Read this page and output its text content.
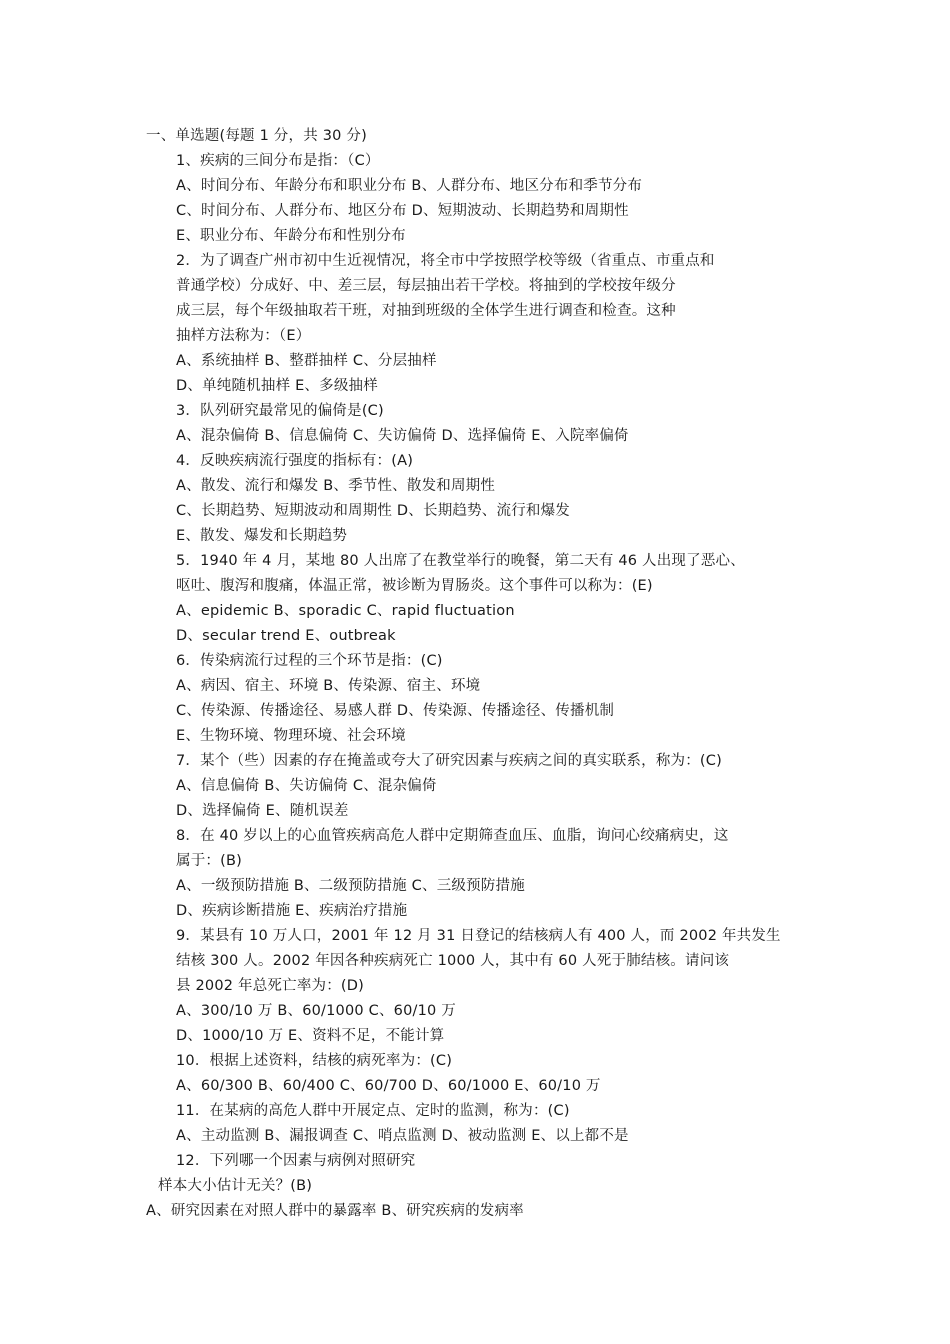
一、单选题(每题 1 分，共 30 分)
1、疾病的三间分布是指：（C）
A、时间分布、年龄分布和职业分布 B、人群分布、地区分布和季节分布
C、时间分布、人群分布、地区分布 D、短期波动、长期趋势和周期性
E、职业分布、年龄分布和性别分布
2．为了调查广州市初中生近视情况，将全市中学按照学校等级（省重点、市重点和
普通学校）分成好、中、差三层，每层抽出若干学校。将抽到的学校按年级分
成三层，每个年级抽取若干班，对抽到班级的全体学生进行调查和检查。这种
抽样方法称为：（E）
A、系统抽样 B、整群抽样 C、分层抽样
D、单纯随机抽样 E、多级抽样
3．队列研究最常见的偏倚是(C)
A、混杂偏倚 B、信息偏倚 C、失访偏倚 D、选择偏倚 E、入院率偏倚
4．反映疾病流行强度的指标有：(A)
A、散发、流行和爆发 B、季节性、散发和周期性
C、长期趋势、短期波动和周期性 D、长期趋势、流行和爆发
E、散发、爆发和长期趋势
5．1940 年 4 月，某地 80 人出席了在教堂举行的晚餐，第二天有 46 人出现了恶心、
呕吐、腹泻和腹痛，体温正常，被诊断为胃肠炎。这个事件可以称为：(E)
A、epidemic B、sporadic C、rapid fluctuation
D、secular trend E、outbreak
6．传染病流行过程的三个环节是指：(C)
A、病因、宿主、环境 B、传染源、宿主、环境
C、传染源、传播途径、易感人群 D、传染源、传播途径、传播机制
E、生物环境、物理环境、社会环境
7．某个（些）因素的存在掩盖或夸大了研究因素与疾病之间的真实联系，称为：(C)
A、信息偏倚 B、失访偏倚 C、混杂偏倚
D、选择偏倚 E、随机误差
8．在 40 岁以上的心血管疾病高危人群中定期筛查血压、血脂，询问心绞痛病史，这
属于：(B)
A、一级预防措施 B、二级预防措施 C、三级预防措施
D、疾病诊断措施 E、疾病治疗措施
9．某县有 10 万人口，2001 年 12 月 31 日登记的结核病人有 400 人，而 2002 年共发生
结核 300 人。2002 年因各种疾病死亡 1000 人，其中有 60 人死于肺结核。请问该
县 2002 年总死亡率为：(D)
A、300/10 万 B、60/1000 C、60/10 万
D、1000/10 万 E、资料不足，不能计算
10．根据上述资料，结核的病死率为：(C)
A、60/300 B、60/400 C、60/700 D、60/1000 E、60/10 万
11．在某病的高危人群中开展定点、定时的监测，称为：(C)
A、主动监测 B、漏报调查 C、哨点监测 D、被动监测 E、以上都不是
12．下列哪一个因素与病例对照研究
样本大小估计无关？(B)
A、研究因素在对照人群中的暴露率 B、研究疾病的发病率
